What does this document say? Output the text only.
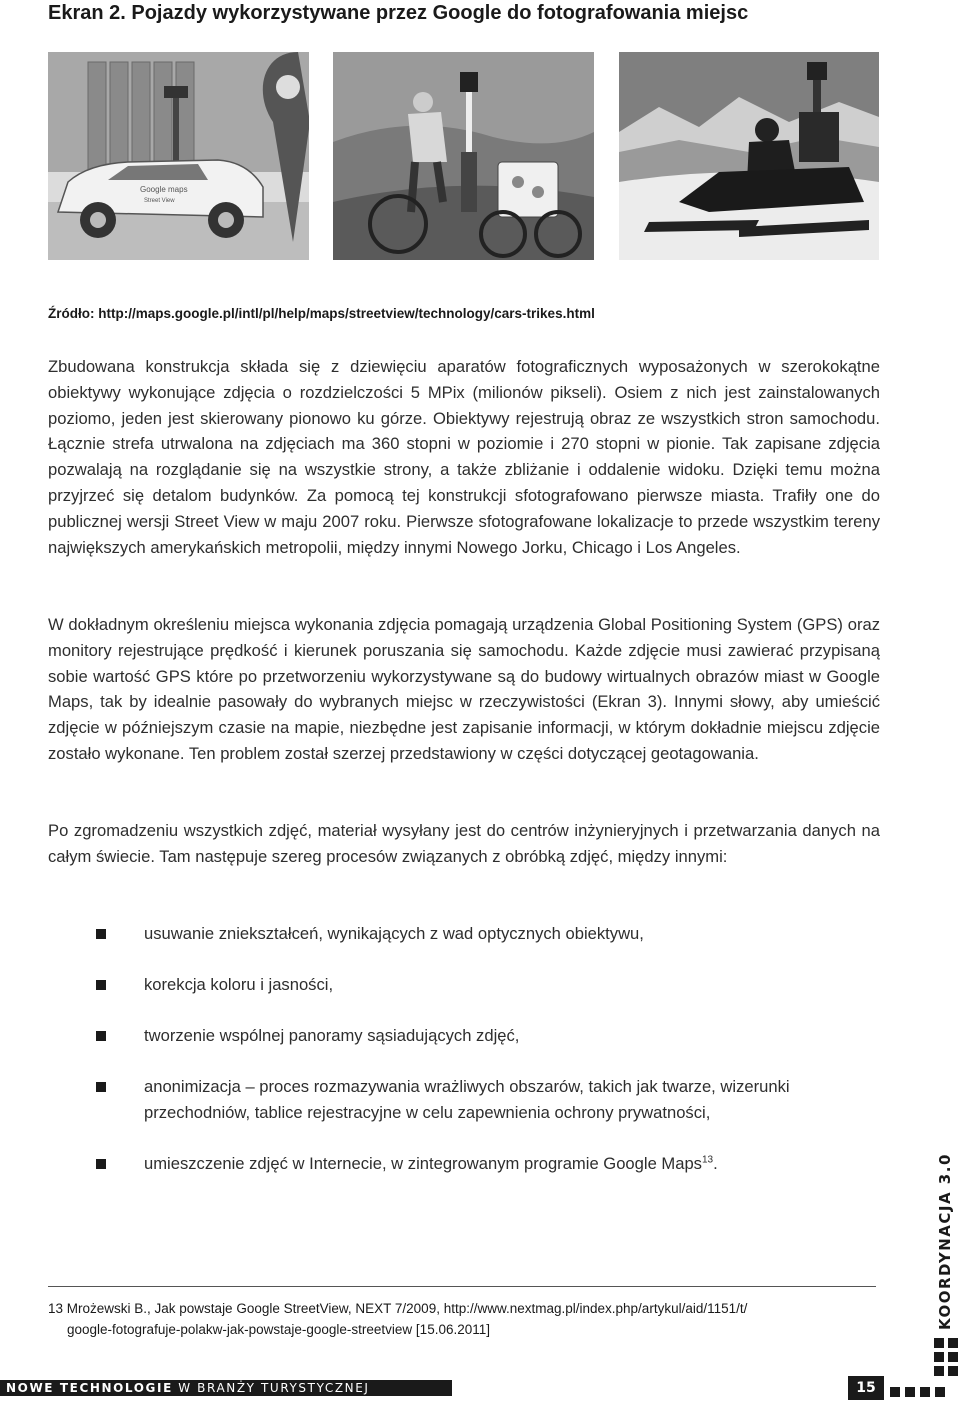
Ekran 2. Pojazdy wykorzystywane przez Google do fotografowania miejsc
Google maps
Street View
Źródło: http://maps.google.pl/intl/pl/help/maps/streetview/technology/cars-trikes.html

Zbudowana konstrukcja składa się z dziewięciu aparatów fotograficznych wyposażonych w szerokokątne obiektywy wykonujące zdjęcia o rozdzielczości 5 MPix (milionów pikseli). Osiem z nich jest zainstalowanych poziomo, jeden jest skierowany pionowo ku górze. Obiektywy rejestrują obraz ze wszystkich stron samochodu. Łącznie strefa utrwalona na zdjęciach ma 360 stopni w poziomie i 270 stopni w pionie. Tak zapisane zdjęcia pozwalają na rozglądanie się na wszystkie strony, a także zbliżanie i oddalenie widoku. Dzięki temu można przyjrzeć się detalom budynków. Za pomocą tej konstrukcji sfotografowano pierwsze miasta. Trafiły one do publicznej wersji Street View w maju 2007 roku. Pierwsze sfotografowane lokalizacje to przede wszystkim tereny największych amerykańskich metropolii, między innymi Nowego Jorku, Chicago i Los Angeles.

W dokładnym określeniu miejsca wykonania zdjęcia pomagają urządzenia Global Positioning System (GPS) oraz monitory rejestrujące prędkość i kierunek poruszania się samochodu. Każde zdjęcie musi zawierać przypisaną sobie wartość GPS które po przetworzeniu wykorzystywane są do budowy wirtualnych obrazów miast w Google Maps, tak by idealnie pasowały do wybranych miejsc w rzeczywistości (Ekran 3). Innymi słowy, aby umieścić zdjęcie w późniejszym czasie na mapie, niezbędne jest zapisanie informacji, w którym dokładnie miejscu zdjęcie zostało wykonane. Ten problem został szerzej przedstawiony w części dotyczącej geotagowania.

Po zgromadzeniu wszystkich zdjęć, materiał wysyłany jest do centrów inżynieryjnych i przetwarzania danych na całym świecie. Tam następuje szereg procesów związanych z obróbką zdjęć, między innymi:

usuwanie zniekształceń, wynikających z wad optycznych obiektywu,
korekcja koloru i jasności,
tworzenie wspólnej panoramy sąsiadujących zdjęć,
anonimizacja – proces rozmazywania wrażliwych obszarów, takich jak twarze, wizerunki przechodniów, tablice rejestracyjne w celu zapewnienia ochrony prywatności,
umieszczenie zdjęć w Internecie, w zintegrowanym programie Google Maps$^{13}$.
13 Mrożewski B., Jak powstaje Google StreetView, NEXT 7/2009, http://www.nextmag.pl/index.php/artykul/aid/1151/t/
google-fotografuje-polakw-jak-powstaje-google-streetview [15.06.2011]	KOORDYNACJA 3.0
NOWE TECHNOLOGIE W BRANŻY TURYSTYCZNEJ	15
